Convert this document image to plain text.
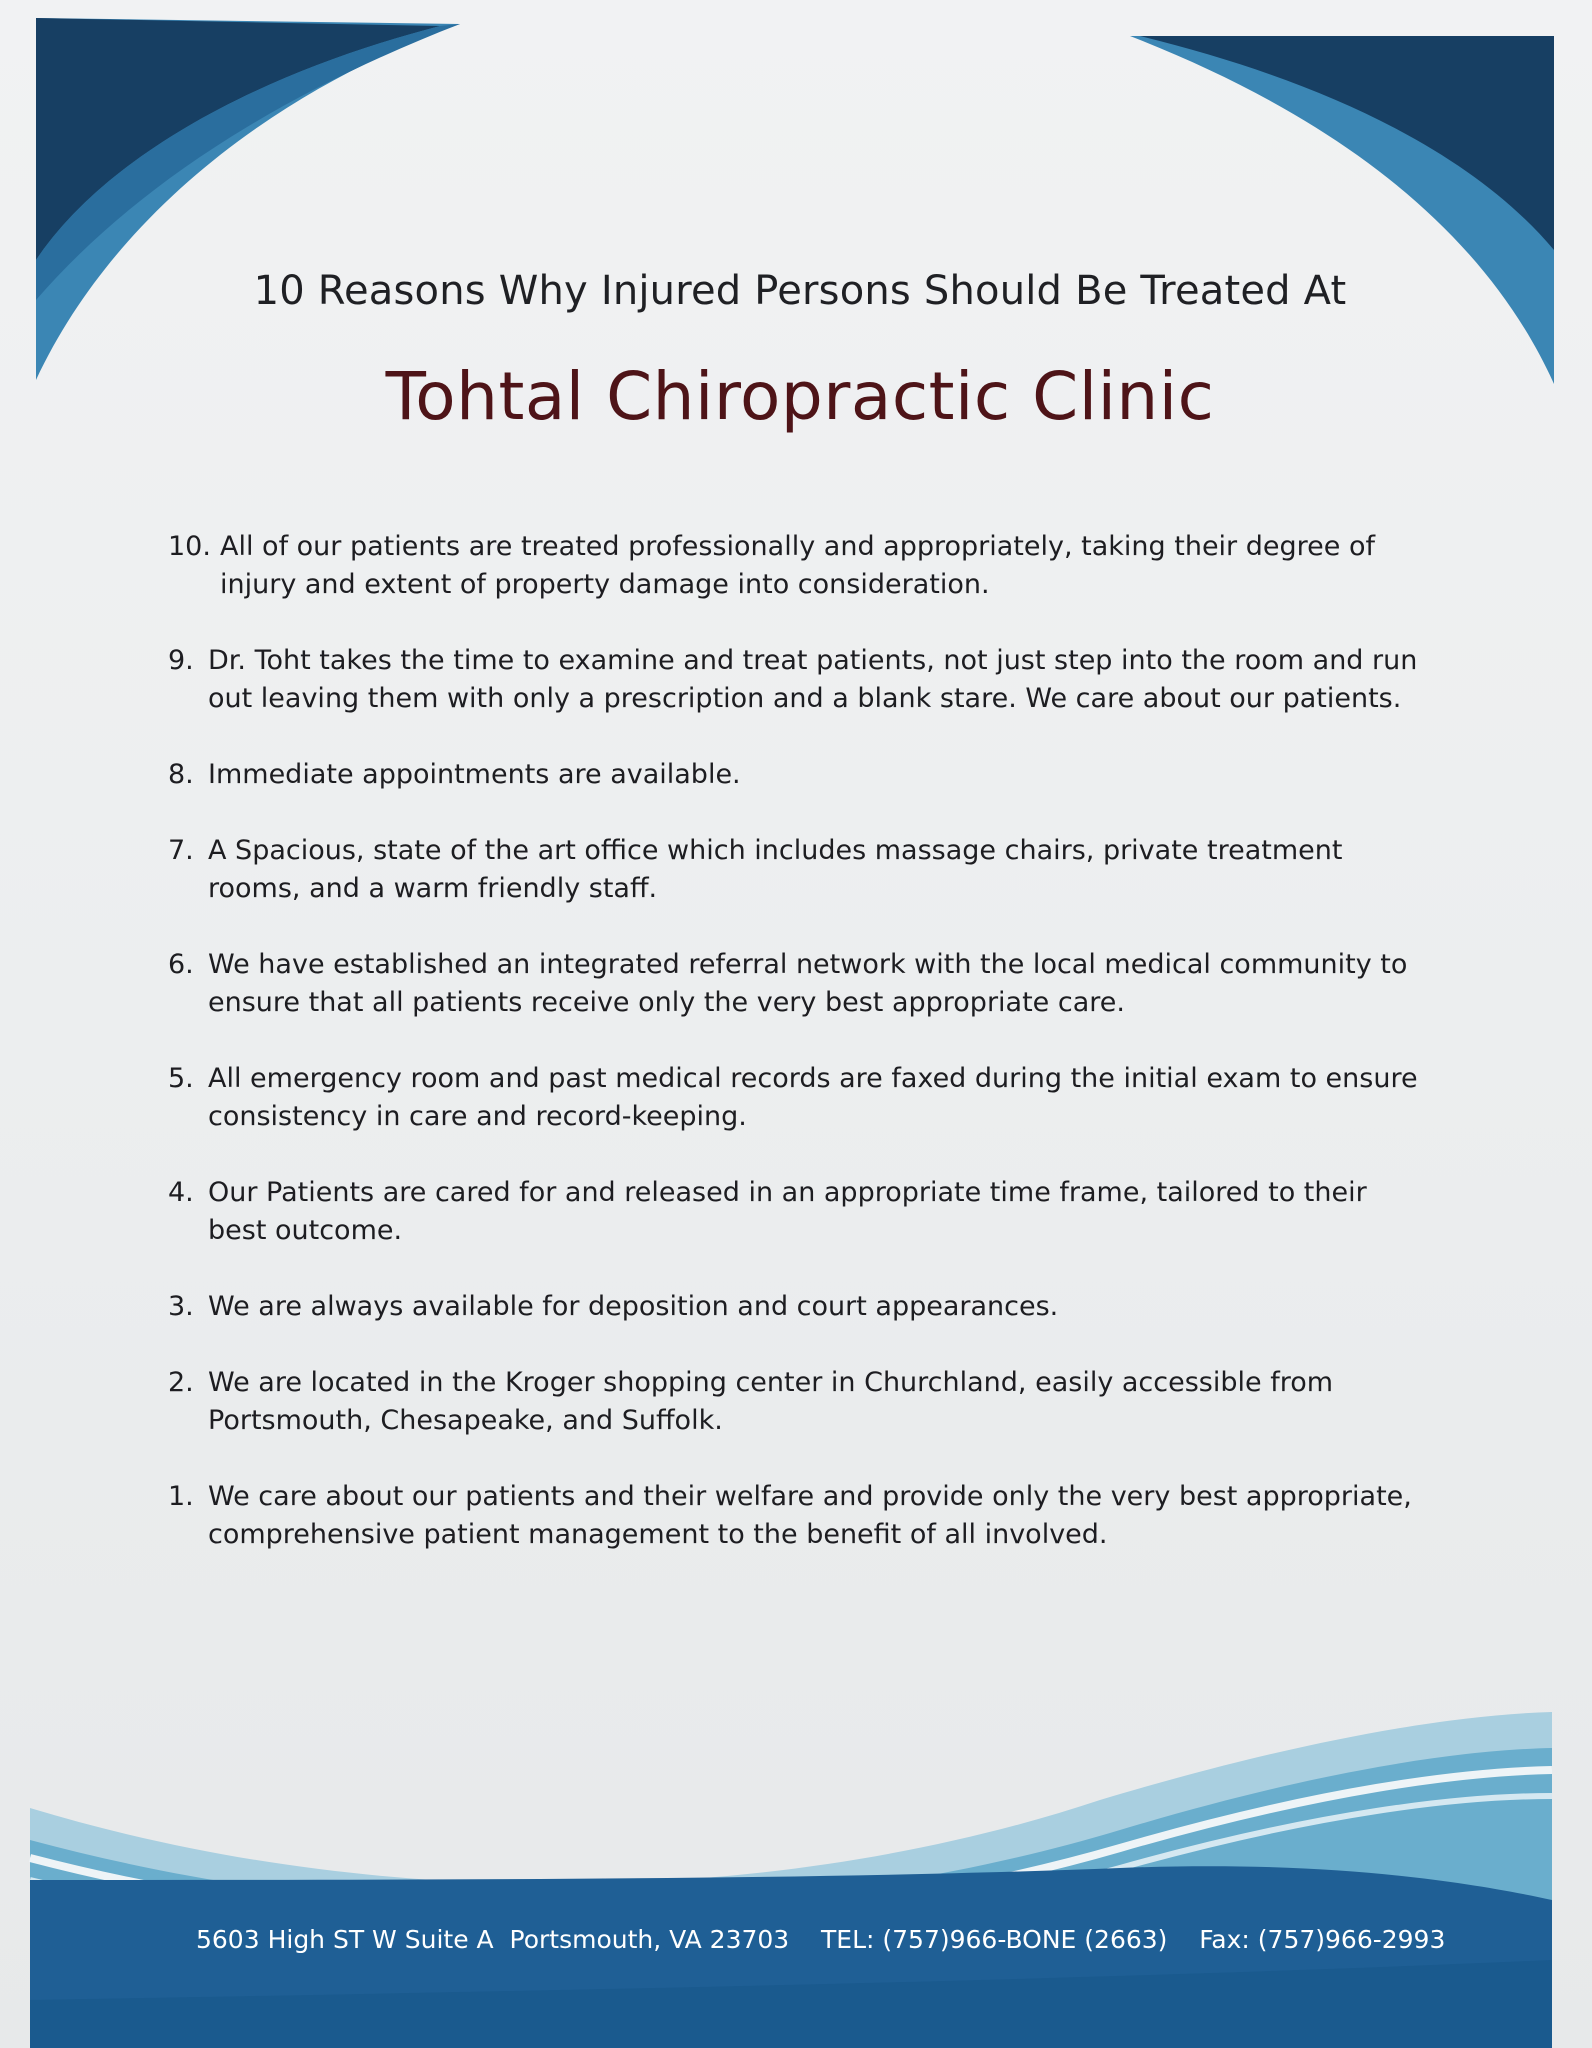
10 Reasons Why Injured Persons Should Be Treated At
Tohtal Chiropractic Clinic
10. All of our patients are treated professionally and appropriately, taking their degree of injury and extent of property damage into consideration.
9. Dr. Toht takes the time to examine and treat patients, not just step into the room and run out leaving them with only a prescription and a blank stare. We care about our patients.
8. Immediate appointments are available.
7. A Spacious, state of the art office which includes massage chairs, private treatment rooms, and a warm friendly staff.
6. We have established an integrated referral network with the local medical community to ensure that all patients receive only the very best appropriate care.
5. All emergency room and past medical records are faxed during the initial exam to ensure consistency in care and record-keeping.
4. Our Patients are cared for and released in an appropriate time frame, tailored to their best outcome.
3. We are always available for deposition and court appearances.
2. We are located in the Kroger shopping center in Churchland, easily accessible from Portsmouth, Chesapeake, and Suffolk.
1. We care about our patients and their welfare and provide only the very best appropriate, comprehensive patient management to the benefit of all involved.
5603 High ST W Suite A  Portsmouth, VA 23703 TEL: (757)966-BONE (2663) Fax: (757)966-2993
